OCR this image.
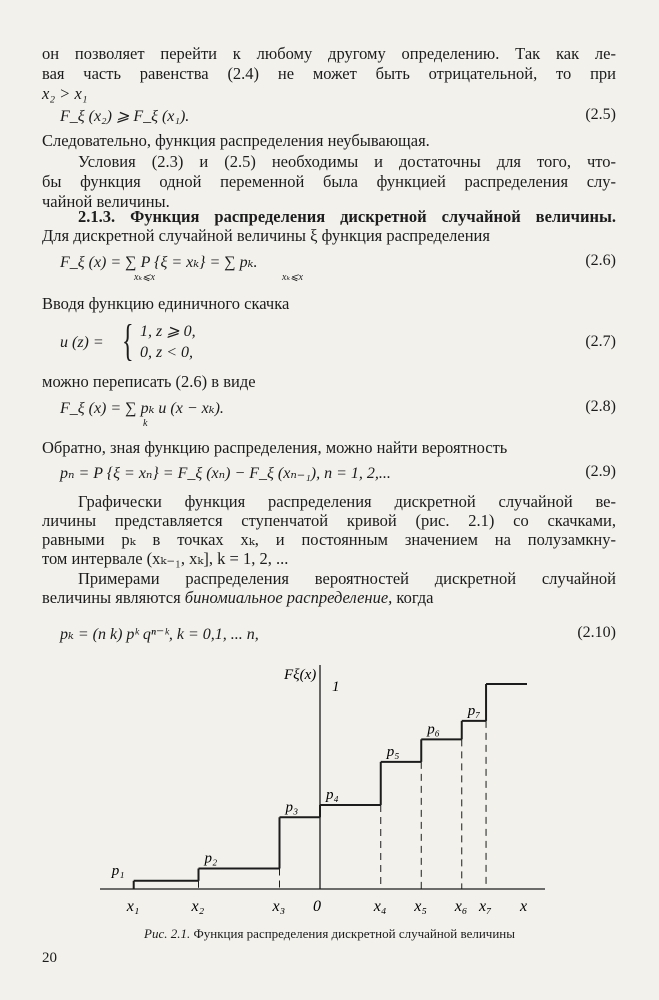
он позволяет перейти к любому другому определению. Так как ле-
вая часть равенства (2.4) не может быть отрицательной, то при
x₂ > x₁
F_ξ (x₂) ⩾ F_ξ (x₁).	(2.5)
Следовательно, функция распределения неубывающая.
Условия (2.3) и (2.5) необходимы и достаточны для того, что-
бы функция одной переменной была функцией распределения слу-
чайной величины.
2.1.3. Функция распределения дискретной случайной величины.
Для дискретной случайной величины ξ функция распределения
F_ξ (x) = ∑ P {ξ = xₖ} = ∑ pₖ.
xₖ⩽x	xₖ⩽x
(2.6)
Вводя функцию единичного скачка
u (z) = { 1, z ⩾ 0,
0, z < 0,
(2.7)
можно переписать (2.6) в виде
F_ξ (x) = ∑ pₖ u (x − xₖ).
k
(2.8)
Обратно, зная функцию распределения, можно найти вероятность
pₙ = P {ξ = xₙ} = F_ξ (xₙ) − F_ξ (xₙ₋₁), n = 1, 2,...	(2.9)
Графически функция распределения дискретной случайной ве-
личины представляется ступенчатой кривой (рис. 2.1) со скачками,
равными pₖ в точках xₖ, и постоянным значением на полузамкну-
том интервале (xₖ₋₁, xₖ], k = 1, 2, ...
Примерами распределения вероятностей дискретной случайной
величины являются биномиальное распределение, когда
pₖ = (n k) pᵏ qⁿ⁻ᵏ, k = 0,1, ... n,	(2.10)
p₁
p₂
p₃
p₄
p₅
p₆
p₇
x₁	x₂	x₃ 0	x₄ x₅ x₆ x₇ x
Fξ(x)
1
Рис. 2.1. Функция распределения дискретной случайной величины
20
